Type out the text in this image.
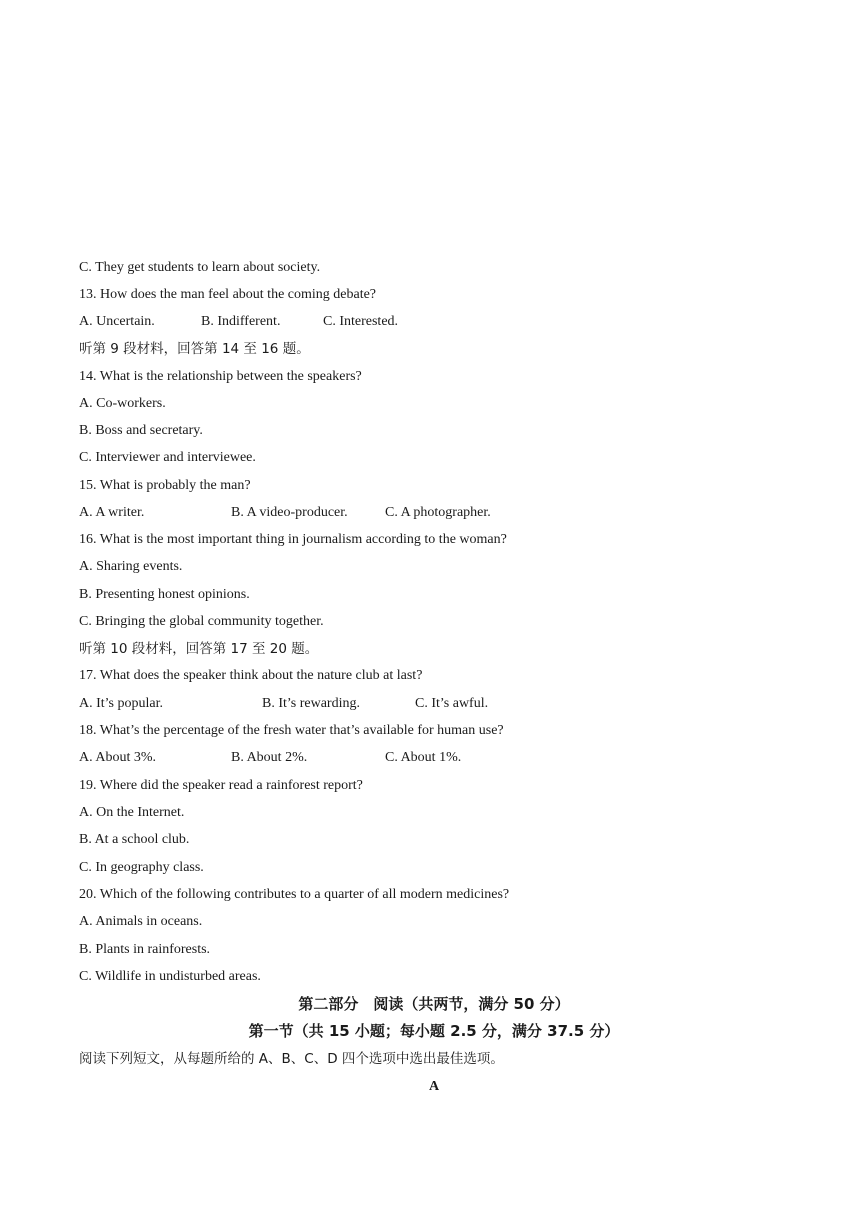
C. They get students to learn about society.
13. How does the man feel about the coming debate?
A. Uncertain.	B. Indifferent.	C. Interested.
听第 9 段材料，回答第 14 至 16 题。
14. What is the relationship between the speakers?
A. Co-workers.
B. Boss and secretary.
C. Interviewer and interviewee.
15. What is probably the man?
A. A writer.	B. A video-producer.	C. A photographer.
16. What is the most important thing in journalism according to the woman?
A. Sharing events.
B. Presenting honest opinions.
C. Bringing the global community together.
听第 10 段材料，回答第 17 至 20 题。
17. What does the speaker think about the nature club at last?
A. It’s popular.	B. It’s rewarding.	C. It’s awful.
18. What’s the percentage of the fresh water that’s available for human use?
A. About 3%.	B. About 2%.	C. About 1%.
19. Where did the speaker read a rainforest report?
A. On the Internet.
B. At a school club.
C. In geography class.
20. Which of the following contributes to a quarter of all modern medicines?
A. Animals in oceans.
B. Plants in rainforests.
C. Wildlife in undisturbed areas.
第二部分　阅读（共两节，满分 50 分）
第一节（共 15 小题；每小题 2.5 分，满分 37.5 分）
阅读下列短文，从每题所给的 A、B、C、D 四个选项中选出最佳选项。
A
